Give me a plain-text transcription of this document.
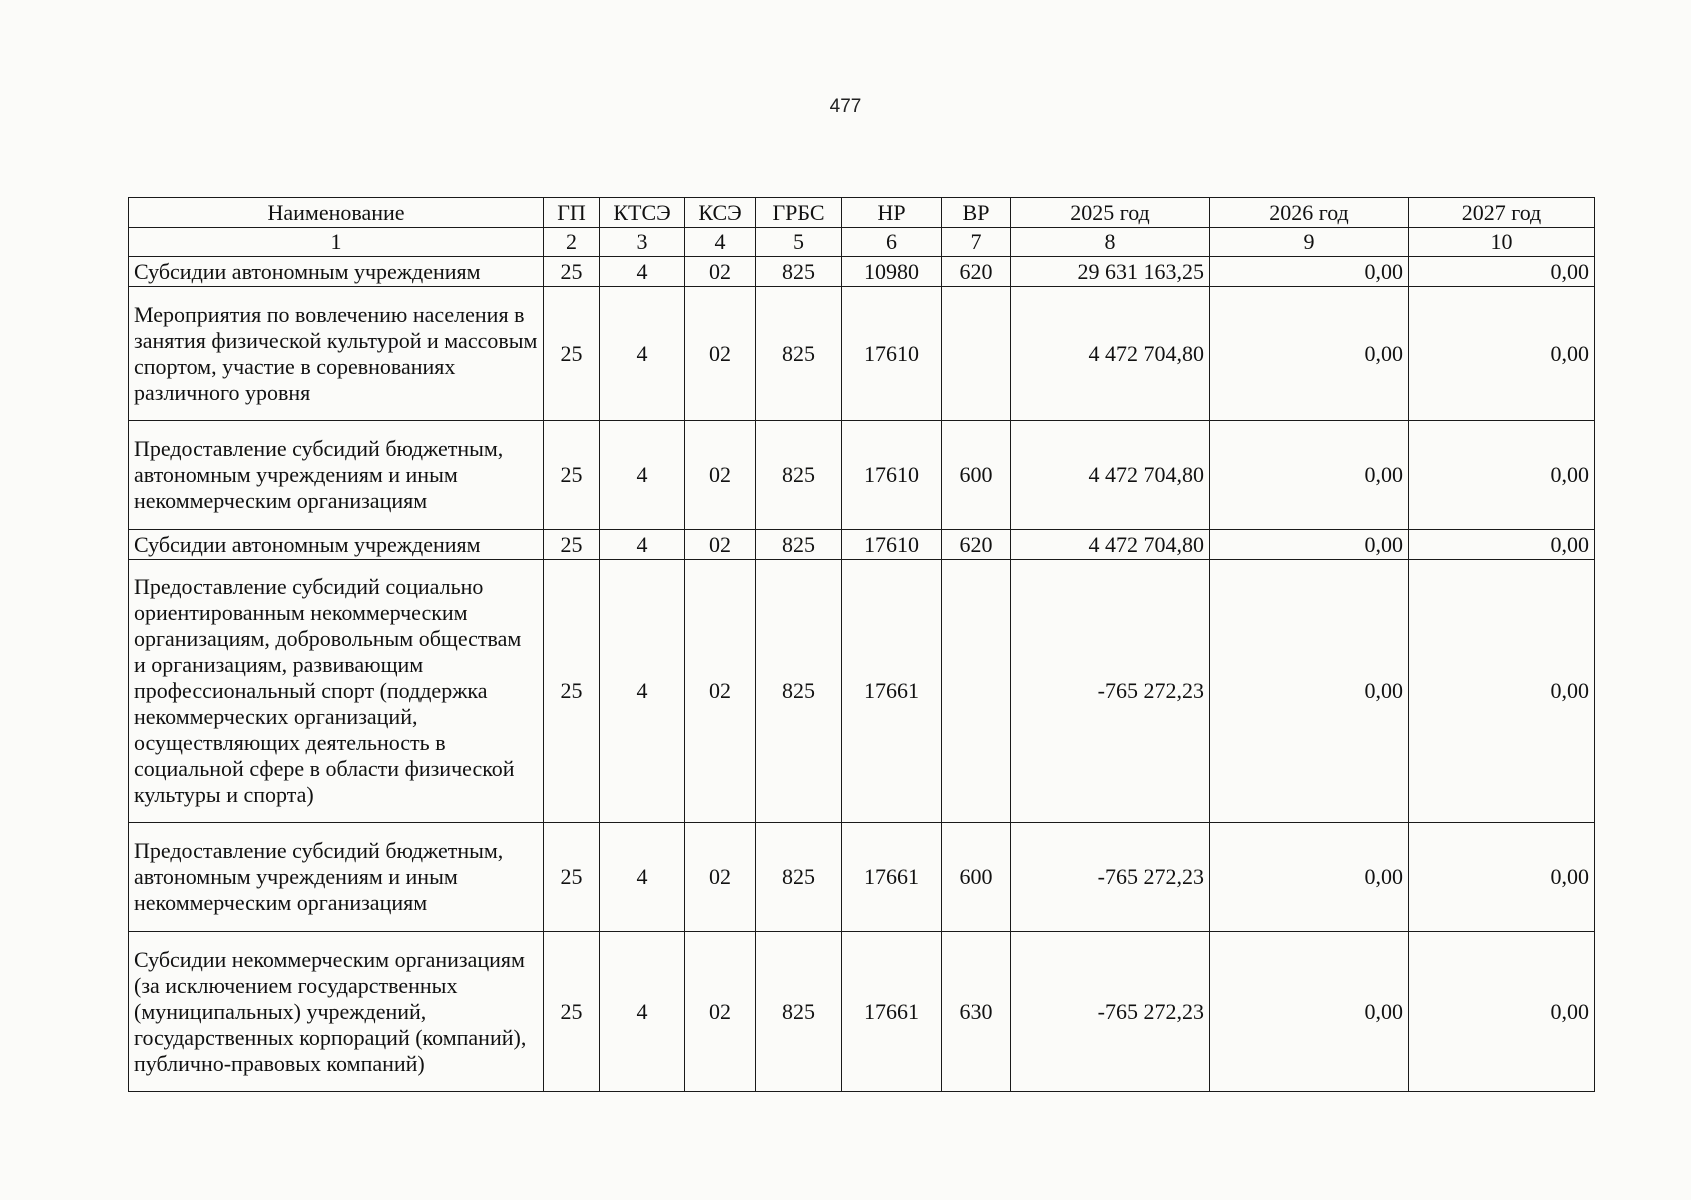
477
Наименование	ГП	КТСЭ	КСЭ	ГРБС	НР	ВР	2025 год	2026 год	2027 год
1	2	3	4	5	6	7	8	9	10
Субсидии автономным учреждениям	25	4	02	825	10980	620	29 631 163,25	0,00	0,00
Мероприятия по вовлечению населения в занятия физической культурой и массовым спортом, участие в соревнованиях различного уровня	25	4	02	825	17610		4 472 704,80	0,00	0,00
Предоставление субсидий бюджетным, автономным учреждениям и иным некоммерческим организациям	25	4	02	825	17610	600	4 472 704,80	0,00	0,00
Субсидии автономным учреждениям	25	4	02	825	17610	620	4 472 704,80	0,00	0,00
Предоставление субсидий социально ориентированным некоммерческим организациям, добровольным обществам и организациям, развивающим профессиональный спорт (поддержка некоммерческих организаций, осуществляющих деятельность в социальной сфере в области физической культуры и спорта)	25	4	02	825	17661		-765 272,23	0,00	0,00
Предоставление субсидий бюджетным, автономным учреждениям и иным некоммерческим организациям	25	4	02	825	17661	600	-765 272,23	0,00	0,00
Субсидии некоммерческим организациям (за исключением государственных (муниципальных) учреждений, государственных корпораций (компаний), публично-правовых компаний)	25	4	02	825	17661	630	-765 272,23	0,00	0,00
